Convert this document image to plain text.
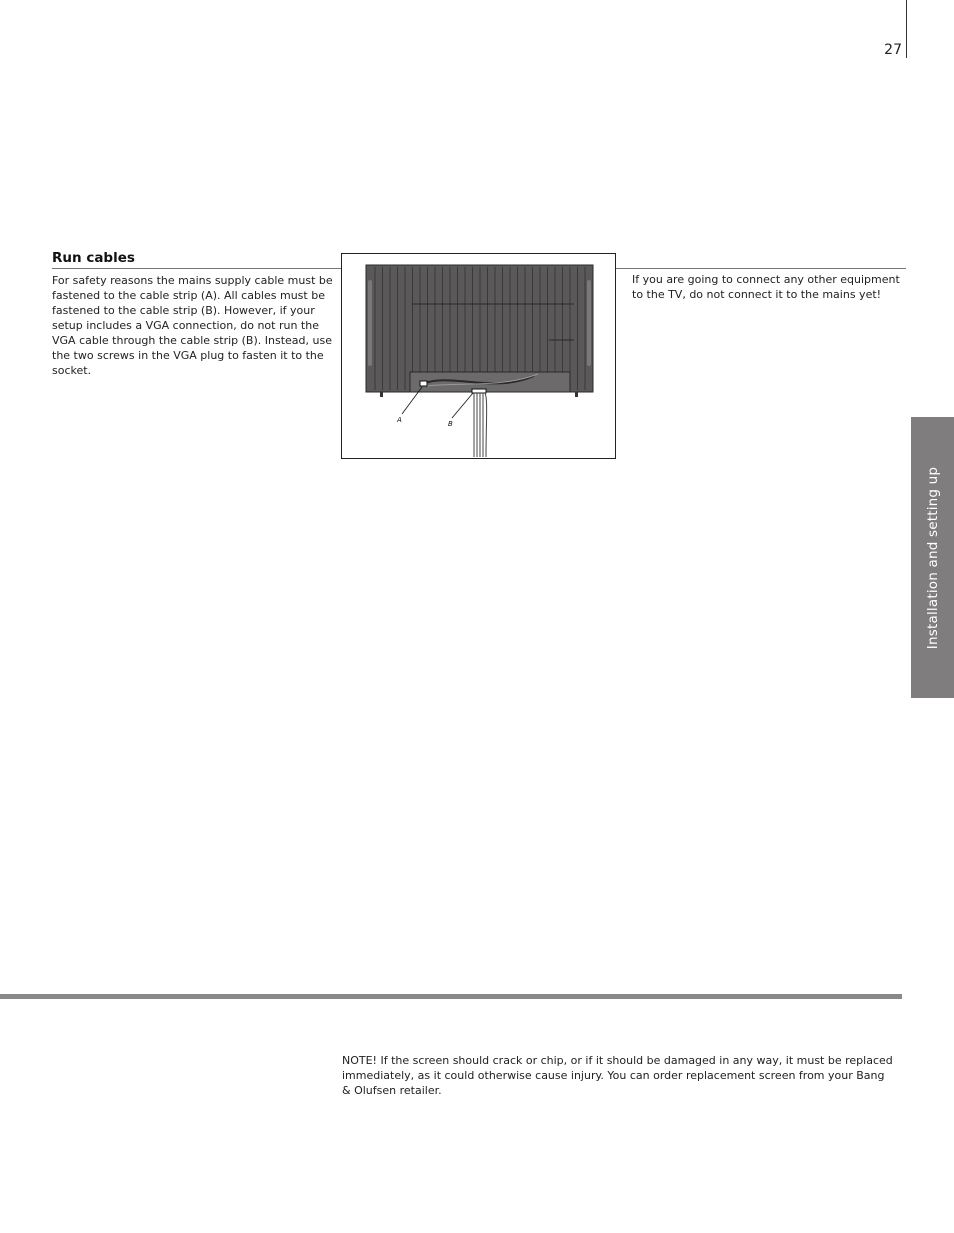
27
Installation and setting up
Run cables
For safety reasons the mains supply cable must be fastened to the cable strip (A). All cables must be fastened to the cable strip (B). However, if your setup includes a VGA connection, do not run the VGA cable through the cable strip (B). Instead, use the two screws in the VGA plug to fasten it to the socket.
A	B
If you are going to connect any other equipment to the TV, do not connect it to the mains yet!
NOTE! If the screen should crack or chip, or if it should be damaged in any way, it must be replaced immediately, as it could otherwise cause injury. You can order replacement screen from your Bang & Olufsen retailer.
